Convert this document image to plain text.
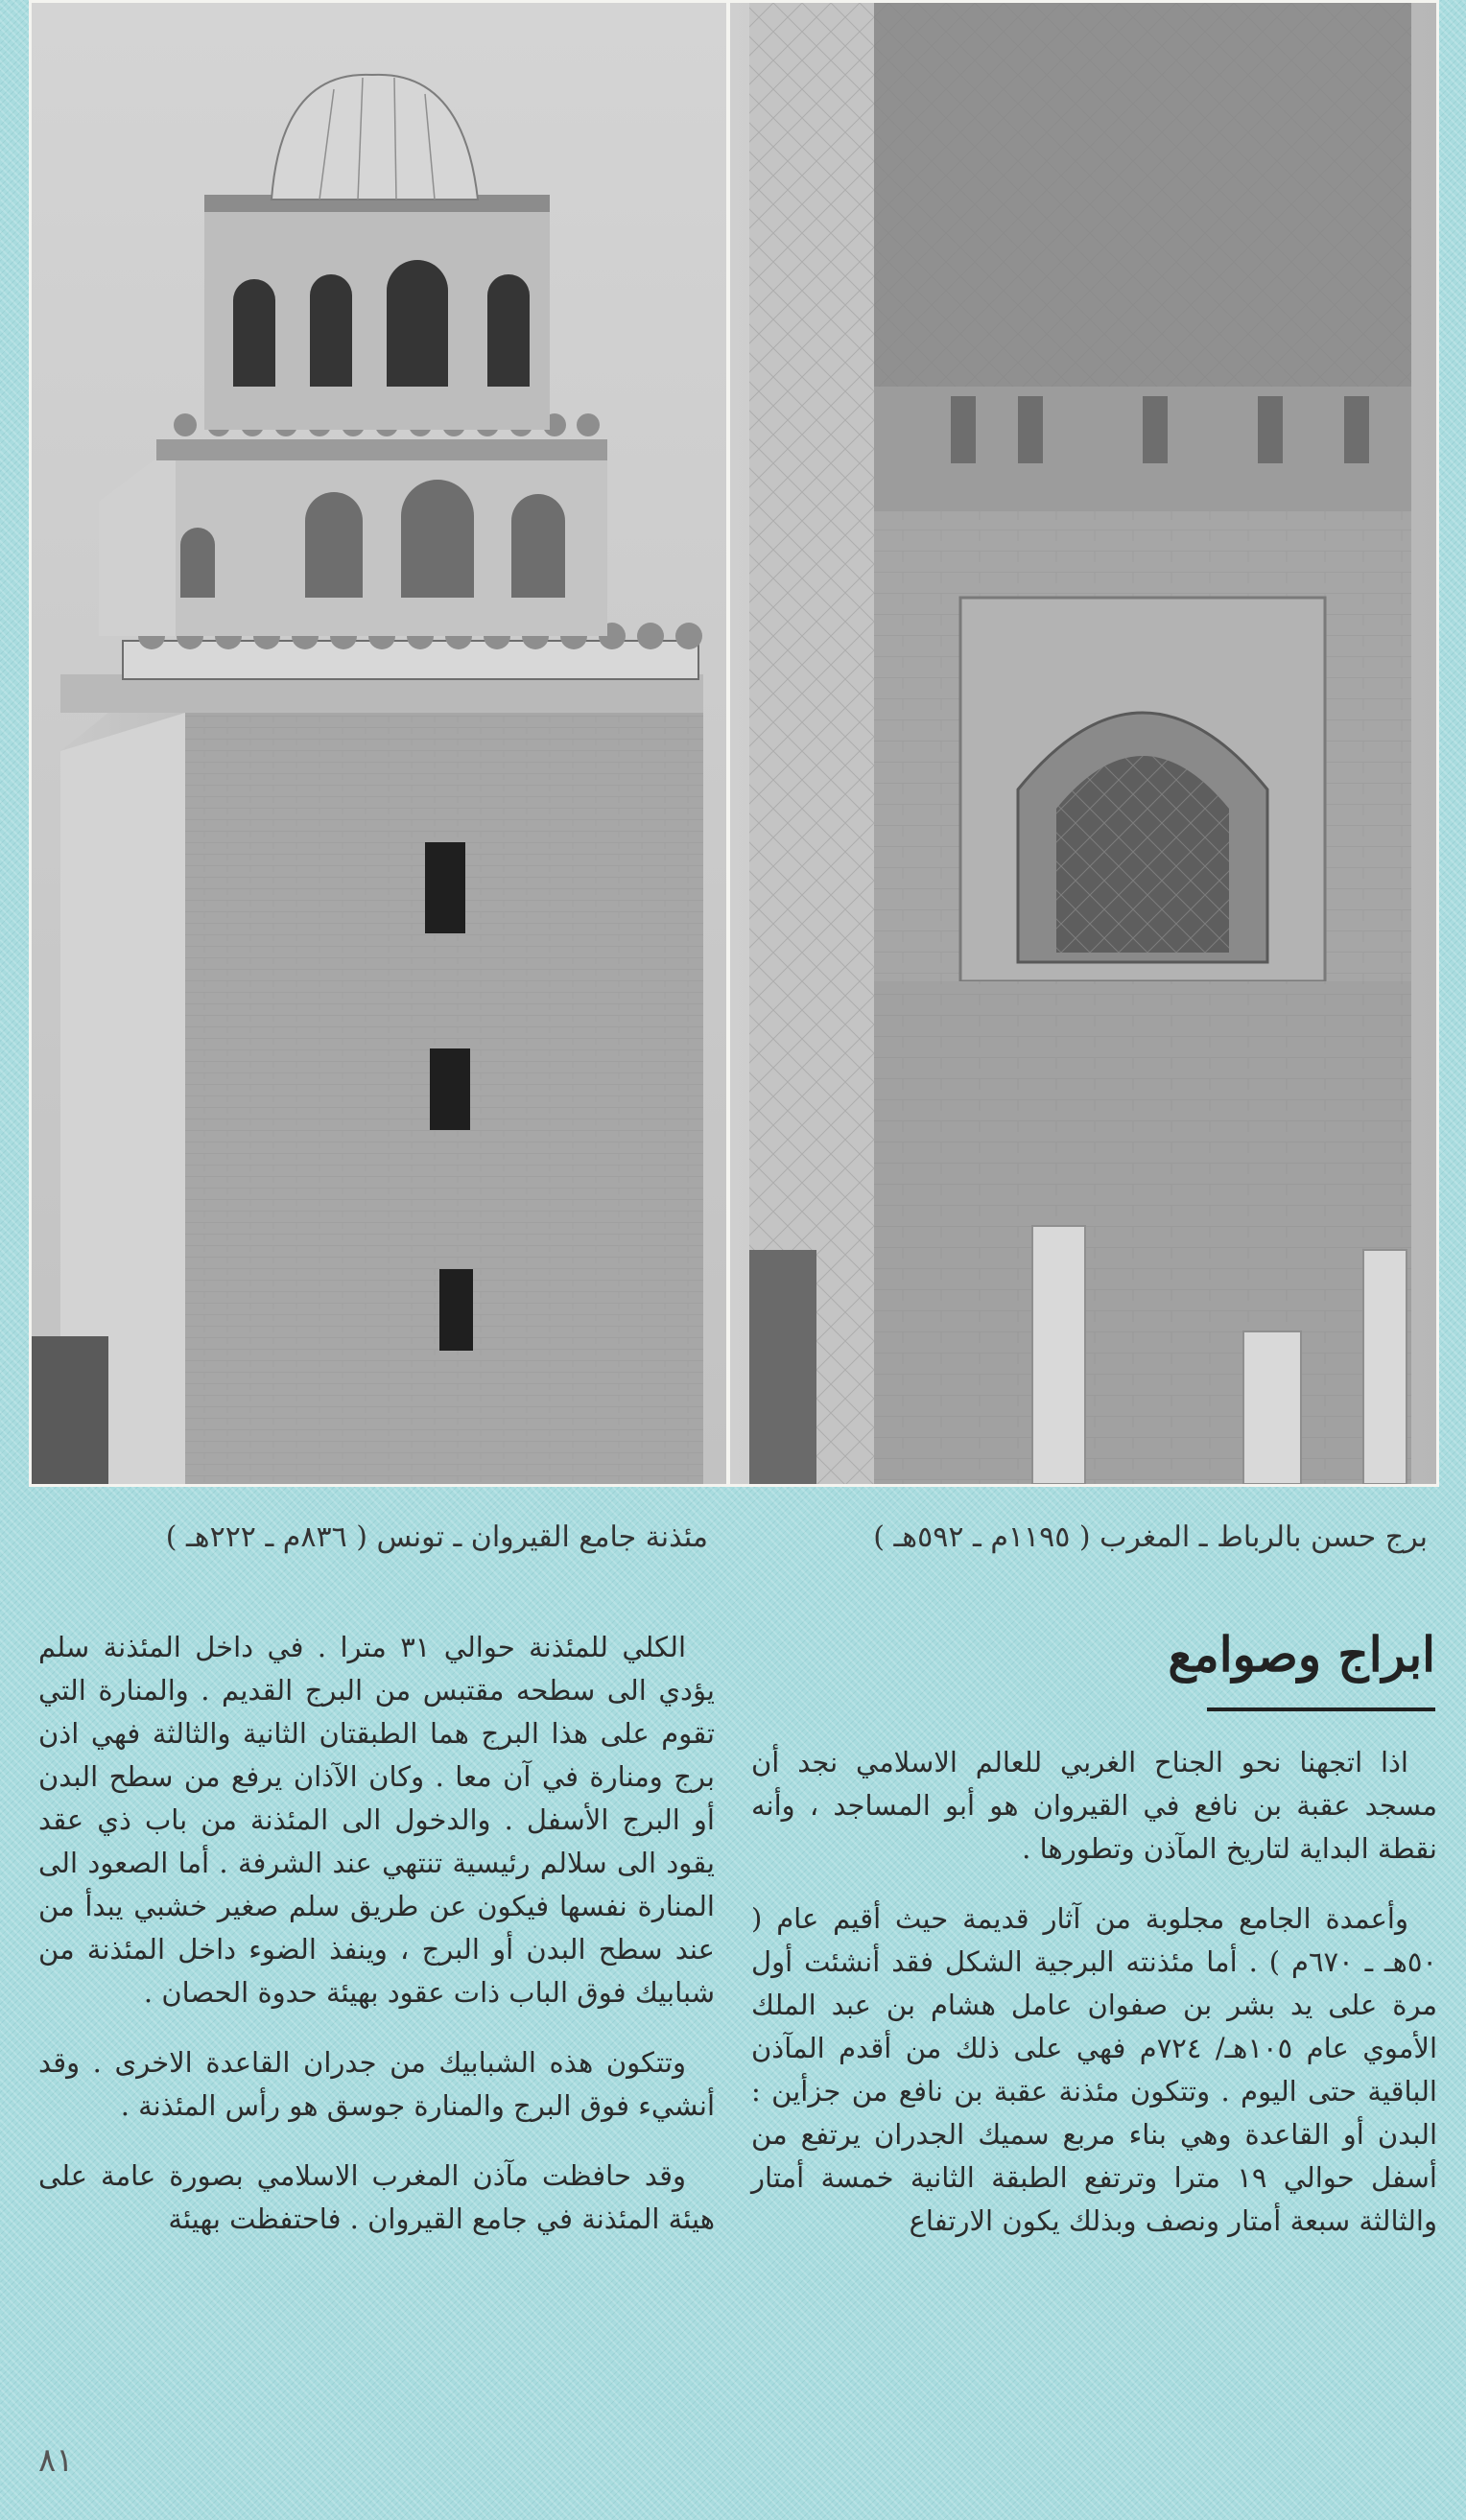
مئذنة جامع القيروان ـ تونس ( ٨٣٦م ـ ٢٢٢هـ )	برج حسن بالرباط ـ المغرب ( ١١٩٥م ـ ٥٩٢هـ )
ابراج وصوامع

اذا اتجهنا نحو الجناح الغربي للعالم الاسلامي نجد أن مسجد عقبة بن نافع في القيروان هو أبو المساجد ، وأنه نقطة البداية لتاريخ المآذن وتطورها .

وأعمدة الجامع مجلوبة من آثار قديمة حيث أقيم عام ( ٥٠هـ ـ ٦٧٠م ) . أما مئذنته البرجية الشكل فقد أنشئت أول مرة على يد بشر بن صفوان عامل هشام بن عبد الملك الأموي عام ١٠٥هـ/ ٧٢٤م فهي على ذلك من أقدم المآذن الباقية حتى اليوم . وتتكون مئذنة عقبة بن نافع من جزأين : البدن أو القاعدة وهي بناء مربع سميك الجدران يرتفع من أسفل حوالي ١٩ مترا وترتفع الطبقة الثانية خمسة أمتار والثالثة سبعة أمتار ونصف وبذلك يكون الارتفاع

الكلي للمئذنة حوالي ٣١ مترا . في داخل المئذنة سلم يؤدي الى سطحه مقتبس من البرج القديم . والمنارة التي تقوم على هذا البرج هما الطبقتان الثانية والثالثة فهي اذن برج ومنارة في آن معا . وكان الآذان يرفع من سطح البدن أو البرج الأسفل . والدخول الى المئذنة من باب ذي عقد يقود الى سلالم رئيسية تنتهي عند الشرفة . أما الصعود الى المنارة نفسها فيكون عن طريق سلم صغير خشبي يبدأ من عند سطح البدن أو البرج ، وينفذ الضوء داخل المئذنة من شبابيك فوق الباب ذات عقود بهيئة حدوة الحصان .

وتتكون هذه الشبابيك من جدران القاعدة الاخرى . وقد أنشيء فوق البرج والمنارة جوسق هو رأس المئذنة .

وقد حافظت مآذن المغرب الاسلامي بصورة عامة على هيئة المئذنة في جامع القيروان . فاحتفظت بهيئة

٨١
